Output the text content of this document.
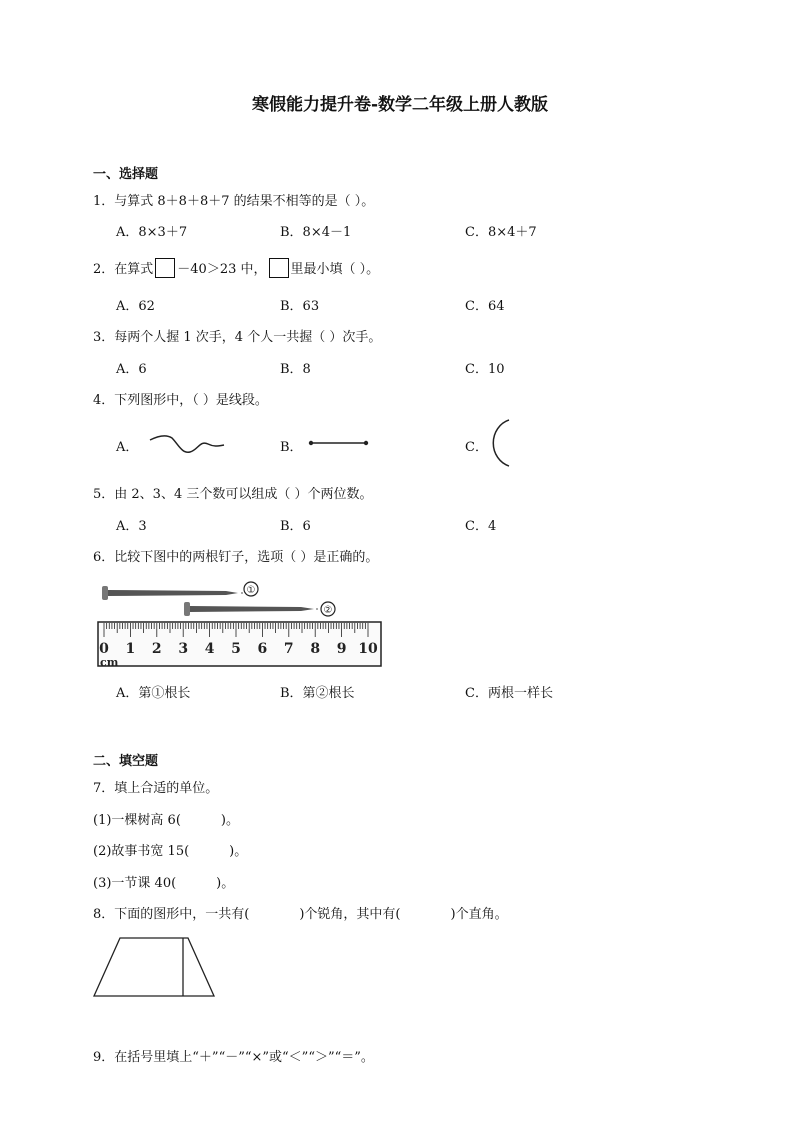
寒假能力提升卷-数学二年级上册人教版
一、选择题
1．与算式 8＋8＋8＋7 的结果不相等的是（ ）。
A．8×3＋7	B．8×4－1	C．8×4＋7
2．在算式 －40＞23 中， 里最小填（ ）。
A．62	B．63	C．64
3．每两个人握 1 次手，4 个人一共握（ ）次手。
A．6	B．8	C．10
4．下列图形中，（ ）是线段。
A．	B．	C．
5．由 2、3、4 三个数可以组成（ ）个两位数。
A．3	B．6	C．4
6．比较下图中的两根钉子，选项（ ）是正确的。
①
②
0 1 2 3 4 5 6 7 8 9 10
cm
A．第①根长	B．第②根长	C．两根一样长
二、填空题
7．填上合适的单位。
(1)一棵树高 6(	)。
(2)故事书宽 15(	)。
(3)一节课 40(	)。
8．下面的图形中，一共有(	)个锐角，其中有(	)个直角。
9．在括号里填上“＋”“－”“×”或“＜”“＞”“＝”。
